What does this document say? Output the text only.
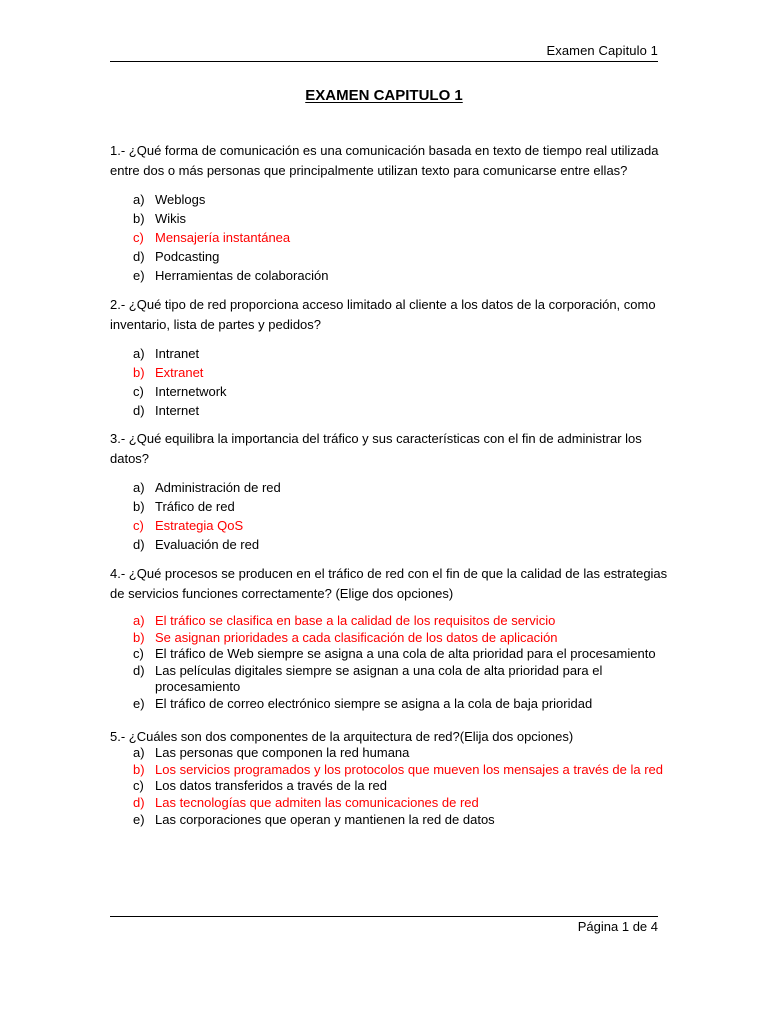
Examen Capitulo 1
EXAMEN CAPITULO 1

1.- ¿Qué forma de comunicación es una comunicación basada en texto de tiempo real utilizada entre dos o más personas que principalmente utilizan texto para comunicarse entre ellas?

a) Weblogs
b) Wikis
c) Mensajería instantánea
d) Podcasting
e) Herramientas de colaboración

2.- ¿Qué tipo de red proporciona acceso limitado al cliente a los datos de la corporación, como inventario, lista de partes y pedidos?

a) Intranet
b) Extranet
c) Internetwork
d) Internet

3.- ¿Qué equilibra la importancia del tráfico y sus características con el fin de administrar los datos?

a) Administración de red
b) Tráfico de red
c) Estrategia QoS
d) Evaluación de red

4.- ¿Qué procesos se producen en el tráfico de red con el fin de que la calidad de las estrategias de servicios funciones correctamente? (Elige dos opciones)

a) El tráfico se clasifica en base a la calidad de los requisitos de servicio
b) Se asignan prioridades a cada clasificación de los datos de aplicación
c) El tráfico de Web siempre se asigna a una cola de alta prioridad para el procesamiento
d) Las películas digitales siempre se asignan a una cola de alta prioridad para el procesamiento
e) El tráfico de correo electrónico siempre se asigna a la cola de baja prioridad

5.- ¿Cuáles son dos componentes de la arquitectura de red?(Elija dos opciones)

a) Las personas que componen la red humana
b) Los servicios programados y los protocolos que mueven los mensajes a través de la red
c) Los datos transferidos a través de la red
d) Las tecnologías que admiten las comunicaciones de red
e) Las corporaciones que operan y mantienen la red de datos
Página 1 de 4
